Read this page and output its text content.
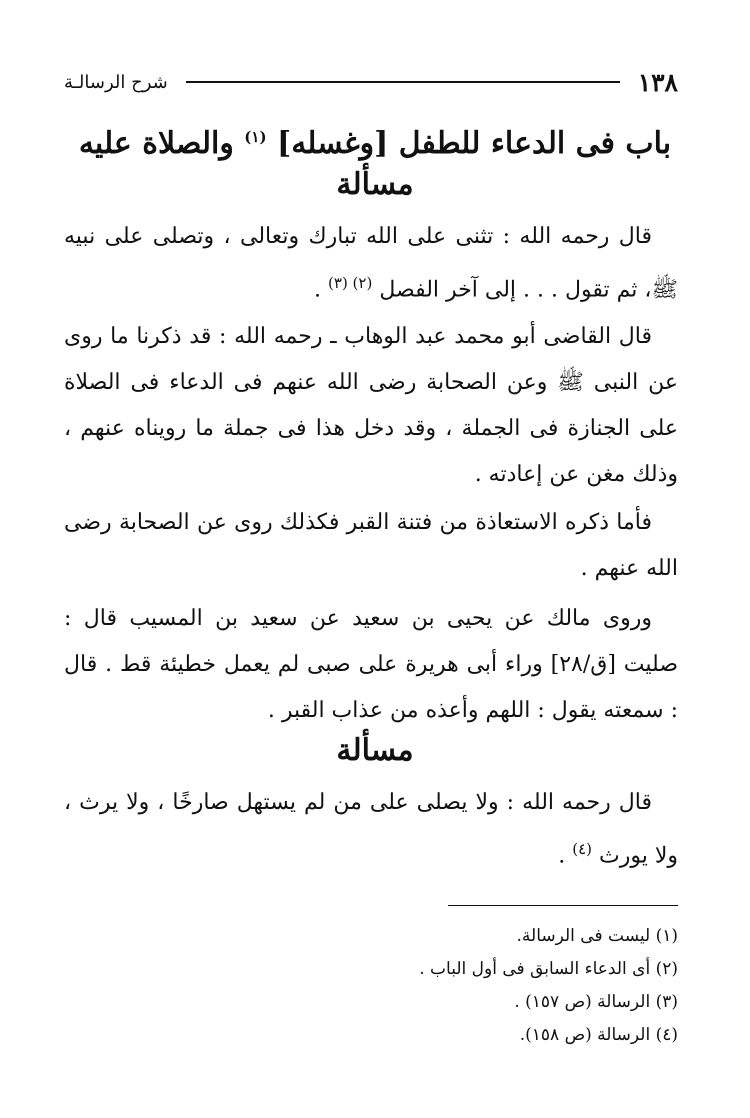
١٣٨
شرح الرسالـة
باب فى الدعاء للطفل [وغسله] $^{(١)}$ والصلاة عليه
مسألة

قال رحمه الله : تثنى على الله تبارك وتعالى ، وتصلى على نبيه ﷺ، ثم تقول . . . إلى آخر الفصل $^{(٢) (٣)}$ .

قال القاضى أبو محمد عبد الوهاب ـ رحمه الله : قد ذكرنا ما روى عن النبى ﷺ وعن الصحابة رضى الله عنهم فى الدعاء فى الصلاة على الجنازة فى الجملة ، وقد دخل هذا فى جملة ما رويناه عنهم ، وذلك مغن عن إعادته .

فأما ذكره الاستعاذة من فتنة القبر فكذلك روى عن الصحابة رضى الله عنهم .

وروى مالك عن يحيى بن سعيد عن سعيد بن المسيب قال : صليت [ق/٢٨] وراء أبى هريرة على صبى لم يعمل خطيئة قط . قال : سمعته يقول : اللهم وأعذه من عذاب القبر .

مسألة

قال رحمه الله : ولا يصلى على من لم يستهل صارخًا ، ولا يرث ، ولا يورث $^{(٤)}$ .

(١) ليست فى الرسالة.
(٢) أى الدعاء السابق فى أول الباب .
(٣) الرسالة (ص ١٥٧) .
(٤) الرسالة (ص ١٥٨).
